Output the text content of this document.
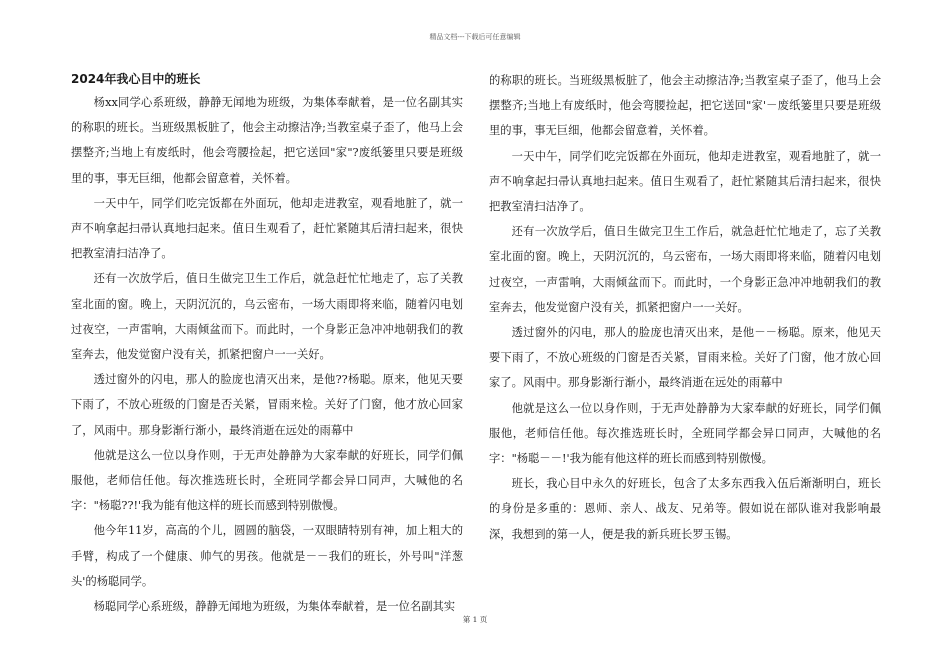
精品文档---下载后可任意编辑
2024年我心目中的班长

杨xx同学心系班级，静静无闻地为班级，为集体奉献着，是一位名副其实的称职的班长。当班级黑板脏了，他会主动擦洁净;当教室桌子歪了，他马上会摆整齐;当地上有废纸时，他会弯腰捡起，把它送回"家"?废纸篓里只要是班级里的事，事无巨细，他都会留意着，关怀着。

一天中午，同学们吃完饭都在外面玩，他却走进教室，观看地脏了，就一声不响拿起扫帚认真地扫起来。值日生观看了，赶忙紧随其后清扫起来，很快把教室清扫洁净了。

还有一次放学后，值日生做完卫生工作后，就急赶忙忙地走了，忘了关教室北面的窗。晚上，天阴沉沉的，乌云密布，一场大雨即将来临，随着闪电划过夜空，一声雷响，大雨倾盆而下。而此时，一个身影正急冲冲地朝我们的教室奔去，他发觉窗户没有关，抓紧把窗户一一关好。

透过窗外的闪电，那人的脸庞也清灭出来，是他??杨聪。原来，他见天要下雨了，不放心班级的门窗是否关紧，冒雨来检。关好了门窗，他才放心回家了，风雨中。那身影渐行渐小，最终消逝在远处的雨幕中

他就是这么一位以身作则，于无声处静静为大家奉献的好班长，同学们佩服他，老师信任他。每次推选班长时，全班同学都会异口同声，大喊他的名字："杨聪??!'我为能有他这样的班长而感到特别傲慢。

他今年11岁，高高的个儿，圆圆的脑袋，一双眼睛特别有神，加上粗大的手臂，构成了一个健康、帅气的男孩。他就是－－我们的班长，外号叫"洋葱头'的杨聪同学。

杨聪同学心系班级，静静无闻地为班级，为集体奉献着，是一位名副其实

的称职的班长。当班级黑板脏了，他会主动擦洁净;当教室桌子歪了，他马上会摆整齐;当地上有废纸时，他会弯腰捡起，把它送回"家'－废纸篓里只要是班级里的事，事无巨细，他都会留意着，关怀着。

一天中午，同学们吃完饭都在外面玩，他却走进教室，观看地脏了，就一声不响拿起扫帚认真地扫起来。值日生观看了，赶忙紧随其后清扫起来，很快把教室清扫洁净了。

还有一次放学后，值日生做完卫生工作后，就急赶忙忙地走了，忘了关教室北面的窗。晚上，天阴沉沉的，乌云密布，一场大雨即将来临，随着闪电划过夜空，一声雷响，大雨倾盆而下。而此时，一个身影正急冲冲地朝我们的教室奔去，他发觉窗户没有关，抓紧把窗户一一关好。

透过窗外的闪电，那人的脸庞也清灭出来，是他－－杨聪。原来，他见天要下雨了，不放心班级的门窗是否关紧，冒雨来检。关好了门窗，他才放心回家了。风雨中。那身影渐行渐小，最终消逝在远处的雨幕中

他就是这么一位以身作则，于无声处静静为大家奉献的好班长，同学们佩服他，老师信任他。每次推选班长时，全班同学都会异口同声，大喊他的名字："杨聪－－!'我为能有他这样的班长而感到特别傲慢。

班长，我心目中永久的好班长，包含了太多东西我入伍后渐渐明白，班长的身份是多重的：恩师、亲人、战友、兄弟等。假如说在部队谁对我影响最深，我想到的第一人，便是我的新兵班长罗玉锡。

第 1 页
